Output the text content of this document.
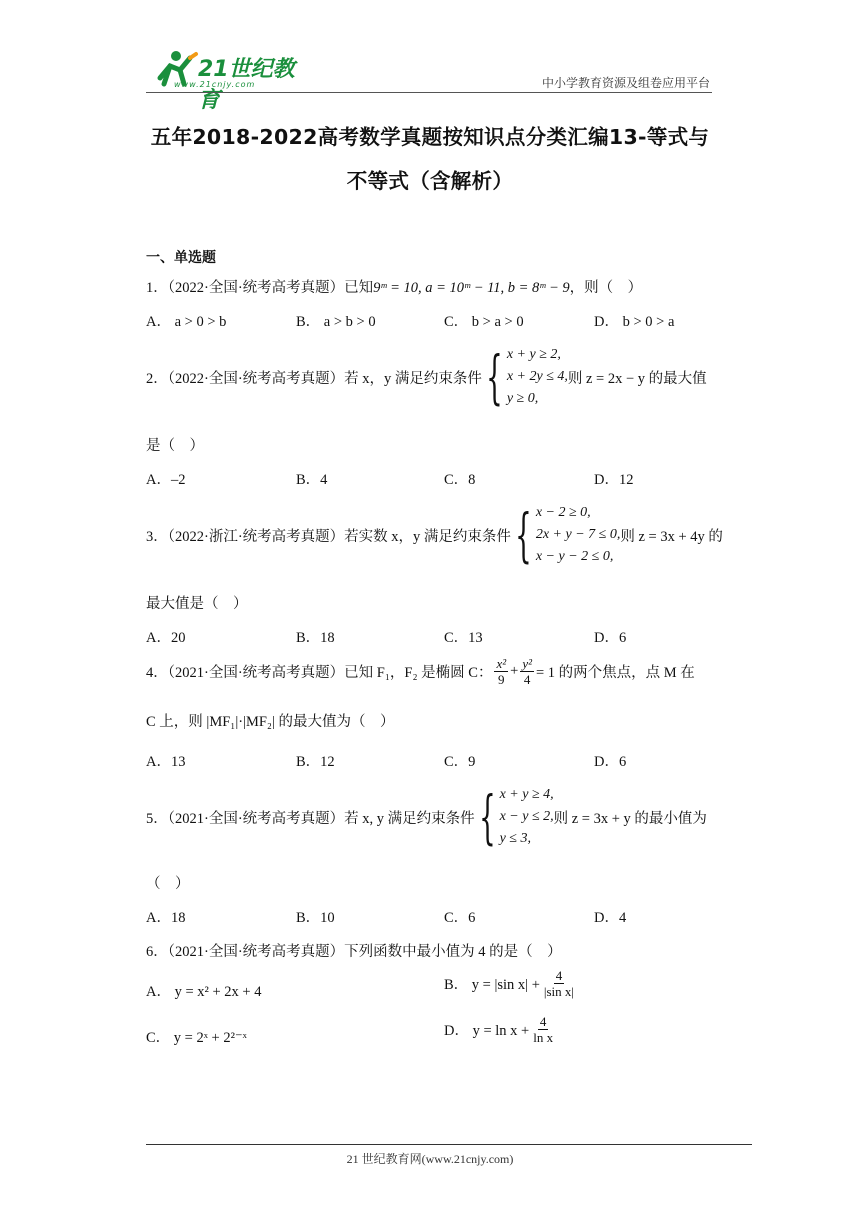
21世纪教育
www.21cnjy.com	中小学教育资源及组卷应用平台
五年2018-2022高考数学真题按知识点分类汇编13-等式与
不等式（含解析）
一、单选题
1．（2022·全国·统考高考真题）已知9ᵐ = 10, a = 10ᵐ − 11, b = 8ᵐ − 9，则（　）
A． a > 0 > b	B． a > b > 0	C． b > a > 0	D． b > 0 > a
2．（2022·全国·统考高考真题）若 x，y 满足约束条件 { x + y ≥ 2,
x + 2y ≤ 4,
y ≥ 0,
则 z = 2x − y 的最大值
是（　）
A．–2	B．4	C．8	D．12
3．（2022·浙江·统考高考真题）若实数 x，y 满足约束条件 { x − 2 ≥ 0,
2x + y − 7 ≤ 0,
x − y − 2 ≤ 0,
则 z = 3x + 4y 的
最大值是（　）
A．20	B．18	C．13	D．6
4．（2021·全国·统考高考真题）已知 F₁，F₂ 是椭圆 C： $\frac{\text{x²}}{9} + \frac{\text{y²}}{4} = 1$ 的两个焦点，点 M 在
C 上，则 |MF₁|·|MF₂| 的最大值为（　）
A．13	B．12	C．9	D．6
5．（2021·全国·统考高考真题）若 x, y 满足约束条件 { x + y ≥ 4,
x − y ≤ 2,
y ≤ 3,
则 z = 3x + y 的最小值为
（　）
A．18	B．10	C．6	D．4
6．（2021·全国·统考高考真题）下列函数中最小值为 4 的是（　）
A． y = x² + 2x + 4	B． y = |sin $x| + \frac{4}{\text{|sin x|}}$
C． y = 2ˣ + 2²⁻ˣ	D． $y = \ln x + \frac{4}{\text{ln x}}$
21 世纪教育网(www.21cnjy.com)
